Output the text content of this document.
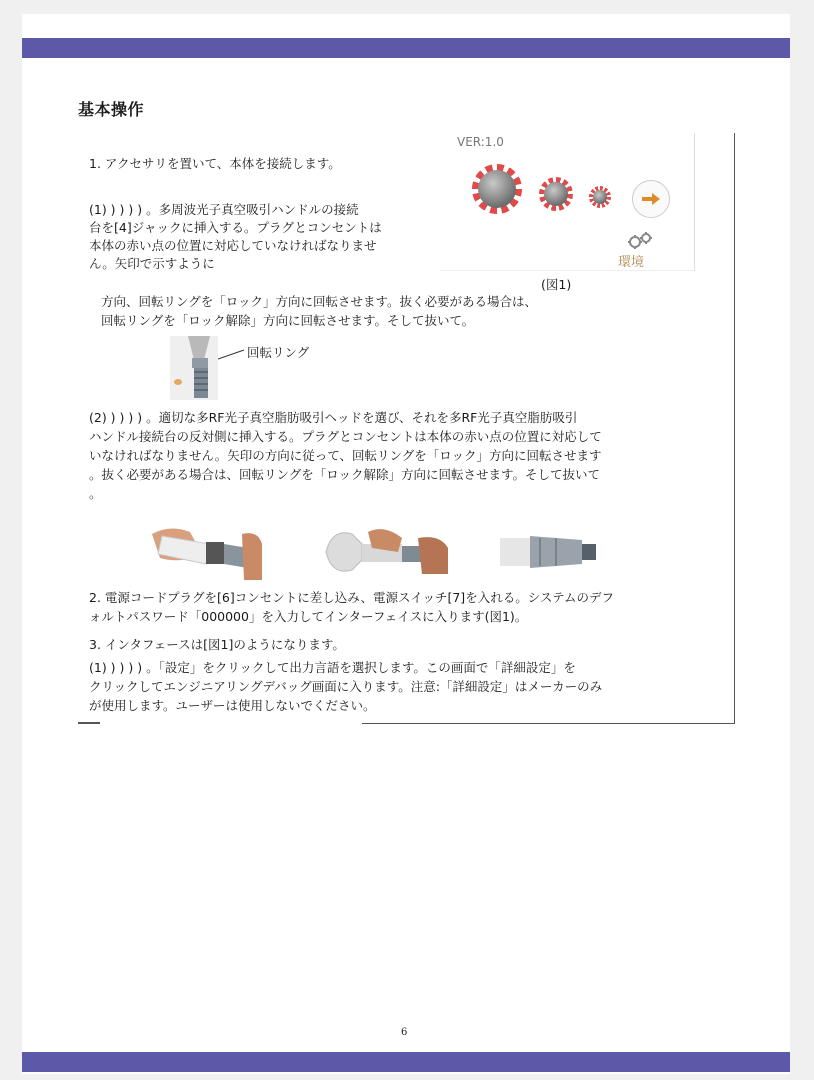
基本操作
VER:1.0
環境
(図1)
1. アクセサリを置いて、本体を接続します。
(1) ) ) ) ) 。多周波光子真空吸引ハンドルの接続
台を[4]ジャックに挿入する。プラグとコンセントは
本体の赤い点の位置に対応していなければなりませ
ん。矢印で示すように
方向、回転リングを「ロック」方向に回転させます。抜く必要がある場合は、
回転リングを「ロック解除」方向に回転させます。そして抜いて。
回転リング
(2) ) ) ) ) 。適切な多RF光子真空脂肪吸引ヘッドを選び、それを多RF光子真空脂肪吸引
ハンドル接続台の反対側に挿入する。プラグとコンセントは本体の赤い点の位置に対応して
いなければなりません。矢印の方向に従って、回転リングを「ロック」方向に回転させます
。抜く必要がある場合は、回転リングを「ロック解除」方向に回転させます。そして抜いて
。
2. 電源コードプラグを[6]コンセントに差し込み、電源スイッチ[7]を入れる。システムのデフ
ォルトパスワード「000000」を入力してインターフェイスに入ります(図1)。
3. インタフェースは[図1]のようになります。
(1) ) ) ) ) 。「設定」をクリックして出力言語を選択します。この画面で「詳細設定」を
クリックしてエンジニアリングデバッグ画面に入ります。注意:「詳細設定」はメーカーのみ
が使用します。ユーザーは使用しないでください。
6
